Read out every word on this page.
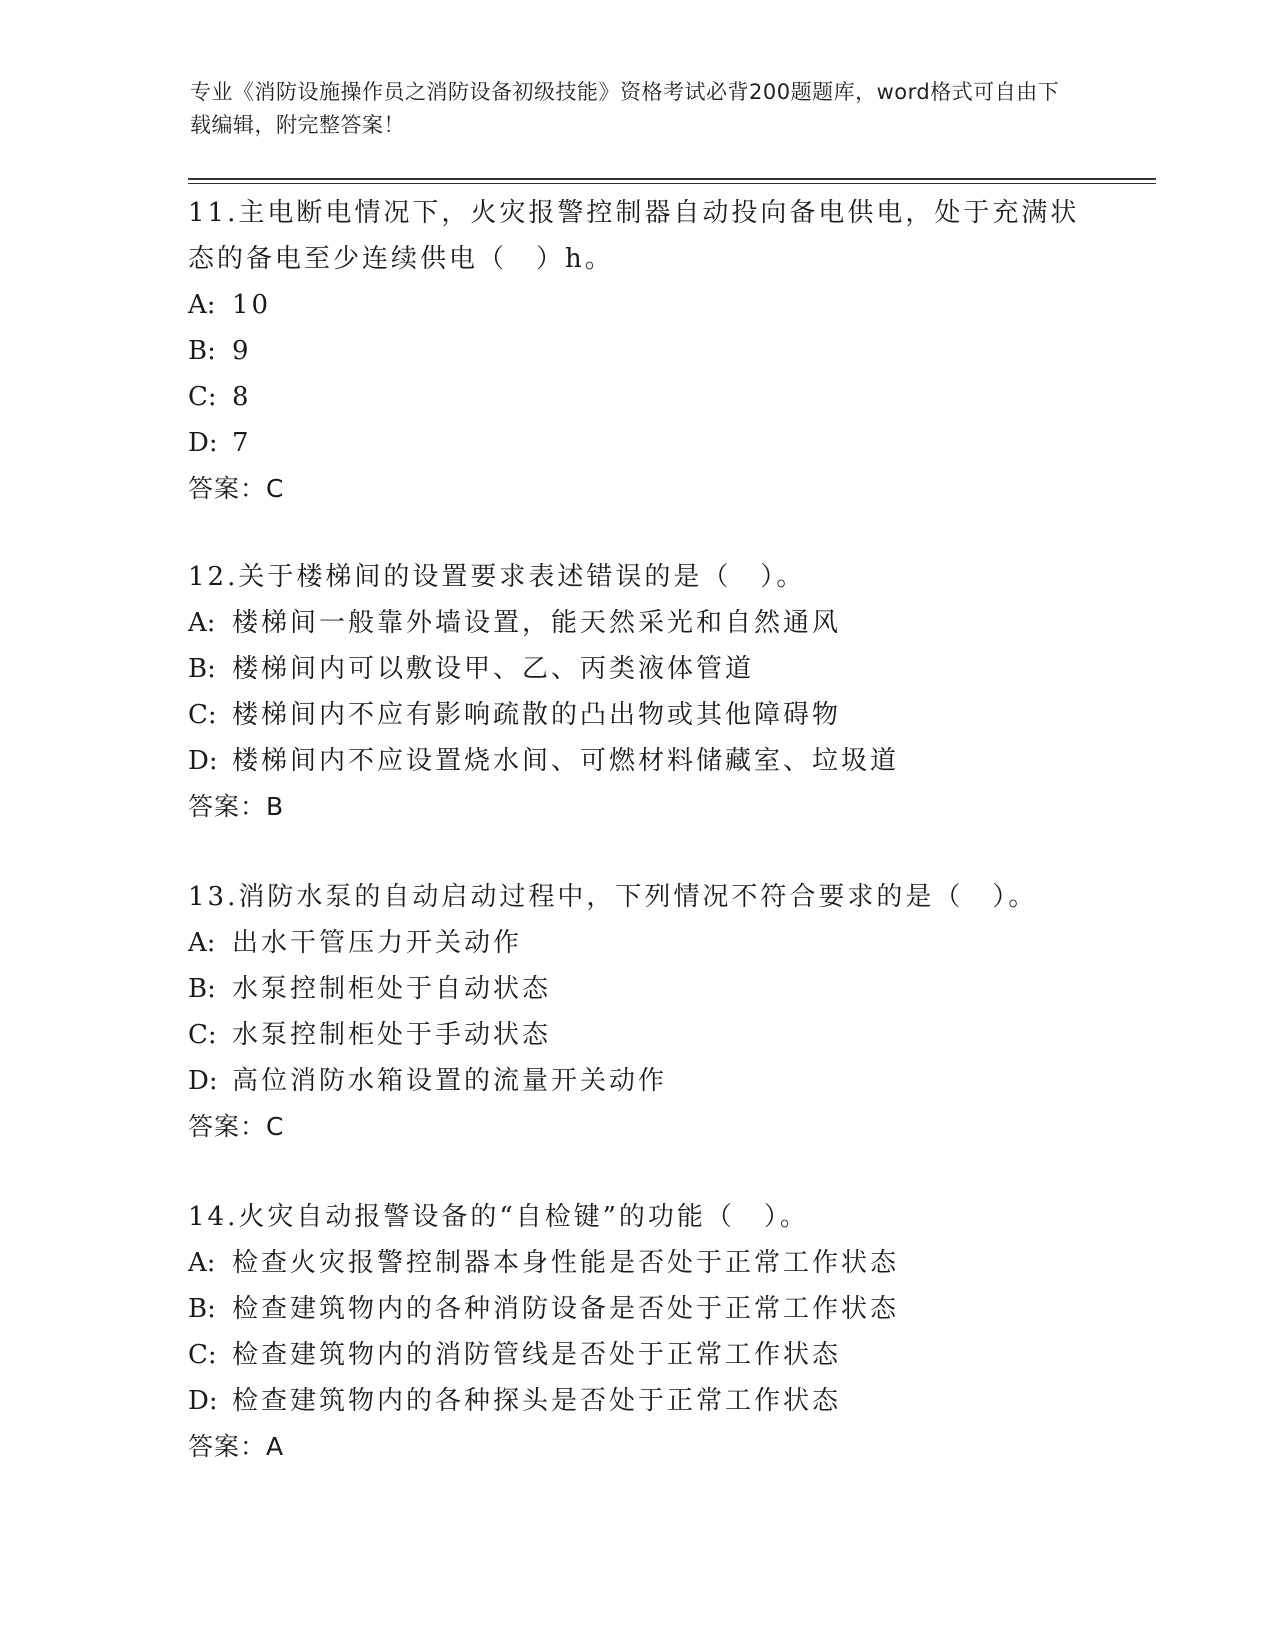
专业《消防设施操作员之消防设备初级技能》资格考试必背200题题库，word格式可自由下载编辑，附完整答案！

11.主电断电情况下，火灾报警控制器自动投向备电供电，处于充满状态的备电至少连续供电（　）h。

A: 10

B: 9

C: 8

D: 7

答案：C

12.关于楼梯间的设置要求表述错误的是（　）。

A: 楼梯间一般靠外墙设置，能天然采光和自然通风

B: 楼梯间内可以敷设甲、乙、丙类液体管道

C: 楼梯间内不应有影响疏散的凸出物或其他障碍物

D: 楼梯间内不应设置烧水间、可燃材料储藏室、垃圾道

答案：B

13.消防水泵的自动启动过程中，下列情况不符合要求的是（　）。

A: 出水干管压力开关动作

B: 水泵控制柜处于自动状态

C: 水泵控制柜处于手动状态

D: 高位消防水箱设置的流量开关动作

答案：C

14.火灾自动报警设备的“自检键”的功能（　）。

A: 检查火灾报警控制器本身性能是否处于正常工作状态

B: 检查建筑物内的各种消防设备是否处于正常工作状态

C: 检查建筑物内的消防管线是否处于正常工作状态

D: 检查建筑物内的各种探头是否处于正常工作状态

答案：A
